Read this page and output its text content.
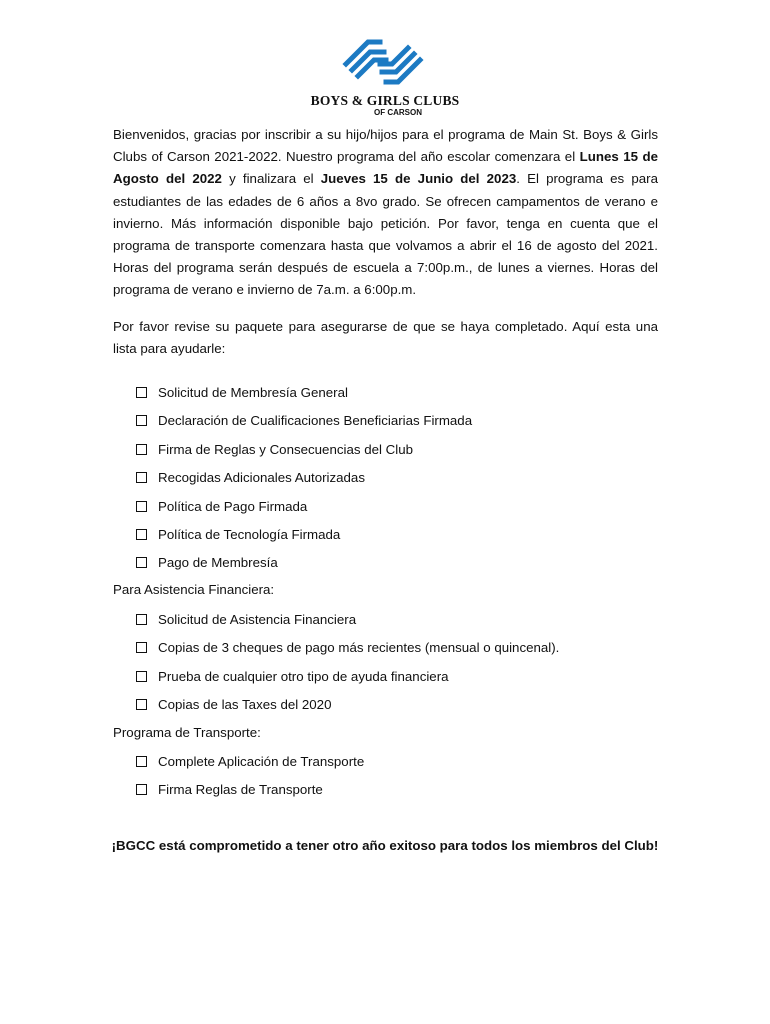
BOYS & GIRLS CLUBS
OF CARSON
Bienvenidos, gracias por inscribir a su hijo/hijos para el programa de Main St. Boys & Girls Clubs of Carson 2021-2022. Nuestro programa del año escolar comenzara el Lunes 15 de Agosto del 2022 y finalizara el Jueves 15 de Junio del 2023. El programa es para estudiantes de las edades de 6 años a 8vo grado. Se ofrecen campamentos de verano e invierno. Más información disponible bajo petición. Por favor, tenga en cuenta que el programa de transporte comenzara hasta que volvamos a abrir el 16 de agosto del 2021. Horas del programa serán después de escuela a 7:00p.m., de lunes a viernes. Horas del programa de verano e invierno de 7a.m. a 6:00p.m.
Por favor revise su paquete para asegurarse de que se haya completado. Aquí esta una lista para ayudarle:
Solicitud de Membresía General
Declaración de Cualificaciones Beneficiarias Firmada
Firma de Reglas y Consecuencias del Club
Recogidas Adicionales Autorizadas
Política de Pago Firmada
Política de Tecnología Firmada
Pago de Membresía
Para Asistencia Financiera:
Solicitud de Asistencia Financiera
Copias de 3 cheques de pago más recientes (mensual o quincenal).
Prueba de cualquier otro tipo de ayuda financiera
Copias de las Taxes del 2020
Programa de Transporte:
Complete Aplicación de Transporte
Firma Reglas de Transporte
¡BGCC está comprometido a tener otro año exitoso para todos los miembros del Club!
